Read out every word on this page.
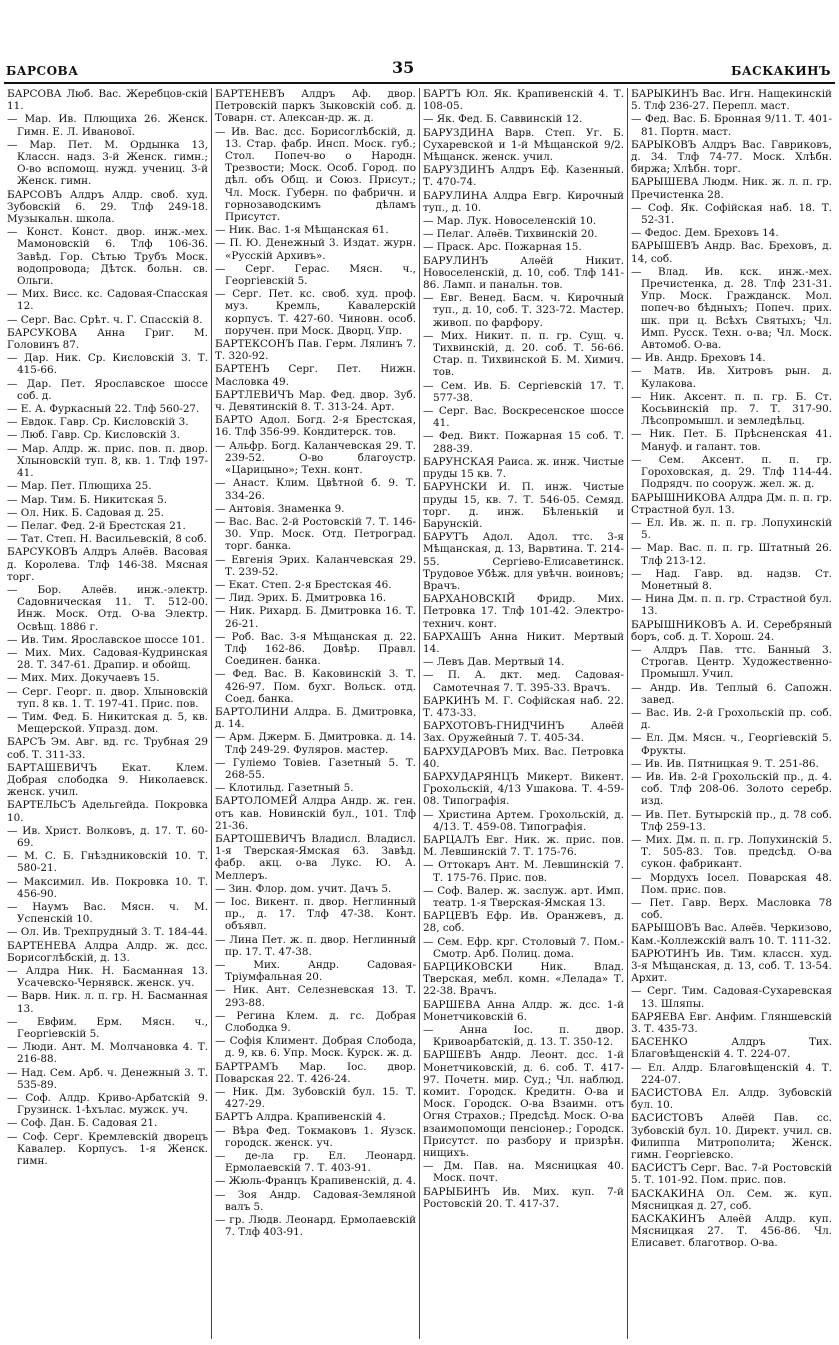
БАРСОВА	35	БАСКАКИНЪ
БАРСОВА Люб. Вас. Жеребцов-скій 11.
— Мар. Ив. Плющиха 26. Женск. Гимн. Е. Л. Иванової.
— Мар. Пет. М. Ордынка 13, Классн. надз. 3-й Женск. гимн.; О-во вспомощ. нужд. учениц. 3-й Женск. гимн.
БАРСОВЪ Алдръ Алдр. своб. худ. Зубовскій 6. 29. Тлф 249-18. Музыкальн. школа.
— Конст. Конст. двор. инж.-мех. Мамоновскій 6. Тлф 106-36. Завѣд. Гор. Сѣтью Трубъ Моск. водопровода; Дѣтск. больн. св. Ольги.
— Мих. Висс. кс. Садовая-Спасская 12.
— Серг. Вас. Срѣт. ч. Г. Спасскій 8.
БАРСУКОВА Анна Григ. М. Головинъ 87.
— Дар. Ник. Ср. Кисловскій 3. Т. 415-66.
— Дар. Пет. Ярославское шоссе соб. д.
— Е. А. Фуркасный 22. Тлф 560-27.
— Евдок. Гавр. Ср. Кисловскій 3.
— Люб. Гавр. Ср. Кисловскій 3.
— Мар. Алдр. ж. прис. пов. п. двор. Хлыновскій туп. 8, кв. 1. Тлф 197-41.
— Мар. Пет. Плющиха 25.
— Мар. Тим. Б. Никитская 5.
— Ол. Ник. Б. Садовая д. 25.
— Пелаг. Фед. 2-й Брестская 21.
— Тат. Степ. Н. Васильевскій, 8 соб.
БАРСУКОВЪ Алдръ Алѳёв. Васовая д. Королева. Тлф 146-38. Мясная торг.
— Бор. Алѳёв. инж.-электр. Садовническая 11. Т. 512-00. Инж. Моск. Отд. О-ва Электр. Освѣщ. 1886 г.
— Ив. Тим. Ярославское шоссе 101.
— Мих. Мих. Садовая-Кудринская 28. Т. 347-61. Драпир. и обойщ.
— Мих. Мих. Докучаевъ 15.
— Серг. Георг. п. двор. Хлыновскій туп. 8 кв. 1. Т. 197-41. Прис. пов.
— Тим. Фед. Б. Никитская д. 5, кв. Мещерской. Упразд. дом.
БАРСЪ Эм. Авг. вд. гс. Трубная 29 соб. Т. 311-33.
БАРТАШЕВИЧЪ Екат. Клем. Добрая слободка 9. Николаевск. женск. учил.
БАРТЕЛЬСЪ Адельгейда. Покровка 10.
— Ив. Христ. Волковъ, д. 17. Т. 60-69.
— М. С. Б. Гнѣздниковскій 10. Т. 580-21.
— Максимил. Ив. Покровка 10. Т. 456-90.
— Наумъ Вас. Мясн. ч. М. Успенскій 10.
— Ол. Ив. Трехпрудный 3. Т. 184-44.
БАРТЕНЕВА Алдра Алдр. ж. дсс. Борисоглѣбскій, д. 13.
— Алдра Ник. Н. Басманная 13. Усачевско-Чернявск. женск. уч.
— Варв. Ник. л. п. гр. Н. Басманная 13.
— Евфим. Ерм. Мясн. ч., Георгіевскій 5.
— Люди. Ант. М. Молчановка 4. Т. 216-88.
— Над. Сем. Арб. ч. Денежный 3. Т. 535-89.
— Соф. Алдр. Криво-Арбатскій 9. Грузинск. 1-ѣхълас. мужск. уч.
— Соф. Дан. Б. Садовая 21.
— Соф. Серг. Кремлевскій дворецъ Кавалер. Корпусъ. 1-я Женск. гимн.
БАРТЕНЕВЪ Алдръ Аф. двор. Петровскій паркъ Зыковскій соб. д. Товарн. ст. Алексан-др. ж. д.
— Ив. Вас. дсс. Борисоглѣбскій, д. 13. Стар. фабр. Инсп. Моск. губ.; Стол. Попеч-во о Народн. Трезвости; Моск. Особ. Город. по дѣл. объ Общ. и Союз. Присут.; Чл. Моск. Губерн. по фабричн. и горнозаводскимъ дѣламъ Присутст.
— Ник. Вас. 1-я Мѣщанская 61.
— П. Ю. Денежный 3. Издат. журн. «Русскій Архивъ».
— Серг. Герас. Мясн. ч., Георгіевскій 5.
— Серг. Пет. кс. своб. худ. проф. муз. Кремль, Кавалерскій корпусъ. Т. 427-60. Чиновн. особ. поручен. при Моск. Дворц. Упр.
БАРТЕКСОНЪ Пав. Герм. Лялинъ 7. Т. 320-92.
БАРТЕНЪ Серг. Пет. Нижн. Масловка 49.
БАРТЛЕВИЧЪ Мар. Фед. двор. Зуб. ч. Девятинскій 8. Т. 313-24. Арт.
БАРТО Адол. Богд. 2-я Брестская, 16. Тлф 356-99. Кондитерск. тов.
— Альфр. Богд. Каланчевская 29. Т. 239-52. О-во благоустр. «Царицыно»; Техн. конт.
— Анаст. Клим. Цвѣтной б. 9. Т. 334-26.
— Антовія. Знаменка 9.
— Вас. Вас. 2-й Ростовскій 7. Т. 146-30. Упр. Моск. Отд. Петроград. торг. банка.
— Евгенія Эрих. Каланчевская 29. Т. 239-52.
— Екат. Степ. 2-я Брестская 46.
— Лид. Эрих. Б. Дмитровка 16.
— Ник. Рихард. Б. Дмитровка 16. Т. 26-21.
— Роб. Вас. 3-я Мѣщанская д. 22. Тлф 162-86. Довѣр. Правл. Соединен. банка.
— Фед. Вас. В. Каковинскій 3. Т. 426-97. Пом. бухг. Вольск. отд. Соед. банка.
БАРТОЛИНИ Алдра. Б. Дмитровка, д. 14.
— Арм. Джерм. Б. Дмитровка. д. 14. Тлф 249-29. Фуляров. мастер.
— Гуліемо Товіев. Газетный 5. Т. 268-55.
— Клотильд. Газетный 5.
БАРТОЛОМЕЙ Алдра Андр. ж. ген. отъ кав. Новинскій бул., 101. Тлф 21-36.
БАРТОШЕВИЧЪ Владисл. Владисл. 1-я Тверская-Ямская 63. Завѣд. фабр. акц. о-ва Лукс. Ю. А. Меллеръ.
— Зин. Флор. дом. учит. Дачъ 5.
— Іос. Викент. п. двор. Неглинный пр., д. 17. Тлф 47-38. Конт. объявл.
— Лина Пет. ж. п. двор. Неглинный пр. 17. Т. 47-38.
— Мих. Андр. Садовая-Тріумфальная 20.
— Ник. Ант. Селезневская 13. Т. 293-88.
— Регина Клем. д. гс. Добрая Слободка 9.
— Софія Климент. Добрая Слобода, д. 9, кв. 6. Упр. Моск. Курск. ж. д.
БАРТРАМЪ Мар. Іос. двор. Поварская 22. Т. 426-24.
— Ник. Дм. Зубовскій бул. 15. Т. 427-29.
БАРТЪ Алдра. Крапивенскій 4.
— Вѣра Фед. Токмаковъ 1. Яузск. городск. женск. уч.
— де-ла гр. Ел. Леонард. Ермолаевскій 7. Т. 403-91.
— Жюль-Францъ Крапивенскій, д. 4.
— Зоя Андр. Садовая-Земляной валъ 5.
— гр. Людв. Леонард. Ермолаевскій 7. Тлф 403-91.
БАРТЪ Юл. Як. Крапивенскій 4. Т. 108-05.
— Як. Фед. Б. Саввинскій 12.
БАРУЗДИНА Варв. Степ. Уг. Б. Сухаревской и 1-й Мѣщанской 9/2. Мѣщанск. женск. учил.
БАРУЗДИНЪ Алдръ Еф. Казенный. Т. 470-74.
БАРУЛИНА Алдра Евгр. Кирочный туп., д. 10.
— Мар. Лук. Новоселенскій 10.
— Пелаг. Алѳёв. Тихвинскій 20.
— Праск. Арс. Пожарная 15.
БАРУЛИНЪ Алѳёй Никит. Новоселенскій, д. 10, соб. Тлф 141-86. Ламп. и панальн. тов.
— Евг. Венед. Басм. ч. Кирочный туп., д. 10, соб. Т. 323-72. Мастер. живоп. по фарфору.
— Мих. Никит. п. п. гр. Сущ. ч. Тихвинскій, д. 20. соб. Т. 56-66. Стар. п. Тихвинской Б. М. Химич. тов.
— Сем. Ив. Б. Сергіевскій 17. Т. 577-38.
— Серг. Вас. Воскресенское шоссе 41.
— Фед. Викт. Пожарная 15 соб. Т. 288-39.
БАРУНСКАЯ Раиса. ж. инж. Чистые пруды 15 кв. 7.
БАРУНСКИ И. П. инж. Чистые пруды 15, кв. 7. Т. 546-05. Семяд. торг. д. инж. Бѣленькій и Барунскій.
БАРУТЪ Адол. Адол. ттс. 3-я Мѣщанская, д. 13, Варвтина. Т. 214-55. Сергіево-Елисаветинск. Трудовое Убѣж. для увѣчн. воиновъ; Врачъ.
БАРХАНОВСКІЙ Фридр. Мих. Петровка 17. Тлф 101-42. Электро-технич. конт.
БАРХАШЪ Анна Никит. Мертвый 14.
— Левъ Дав. Мертвый 14.
— П. А. дкт. мед. Садовая-Самотечная 7. Т. 395-33. Врачъ.
БАРКИНЪ М. Г. Софійская наб. 22. Т. 473-33.
БАРХОТОВЪ-ГНИДЧИНЪ Алѳёй Зах. Оружейный 7. Т. 405-34.
БАРХУДАРОВЪ Мих. Вас. Петровка 40.
БАРХУДАРЯНЦЪ Микерт. Викент. Грохольскій, 4/13 Ушакова. Т. 4-59-08. Типографія.
— Христина Артем. Грохольскій, д. 4/13. Т. 459-08. Типографія.
БАРЦАЛЪ Евг. Ник. ж. прис. пов. М. Левшинскій 7. Т. 175-76.
— Оттокаръ Ант. М. Левшинскій 7. Т. 175-76. Прис. пов.
— Соф. Валер. ж. заслуж. арт. Имп. театр. 1-я Тверская-Ямская 13.
БАРЦЕВЪ Ефр. Ив. Оранжевъ, д. 28, соб.
— Сем. Ефр. крг. Столовый 7. Пом.-Смотр. Арб. Полиц. дома.
БАРЦИКОВСКИ Ник. Влад. Тверская, мебл. комн. «Лелада» Т. 22-38. Врачъ.
БАРШЕВА Анна Алдр. ж. дсс. 1-й Монетчиковскій 6.
— Анна Іос. п. двор. Кривоарбатскій, д. 13. Т. 350-12.
БАРШЕВЪ Андр. Леонт. дсс. 1-й Монетчиковскій, д. 6. соб. Т. 417-97. Почетн. мир. Суд.; Чл. наблюд. комит. Городск. Кредитн. О-ва и Моск. Городск. О-ва Взаимн. отъ Огня Страхов.; Предсѣд. Моск. О-ва взаимопомощи пенсіонер.; Городск. Присутст. по разбору и призрѣн. нищихъ.
— Дм. Пав. на. Мясницкая 40. Моск. почт.
БАРЫБИНЪ Ив. Мих. куп. 7-й Ростовскій 20. Т. 417-37.
БАРЫКИНЪ Вас. Игн. Нащекинскій 5. Тлф 236-27. Перепл. маст.
— Фед. Вас. Б. Бронная 9/11. Т. 401-81. Портн. маст.
БАРЫКОВЪ Алдръ Вас. Гавриковъ, д. 34. Тлф 74-77. Моск. Хлѣбн. биржа; Хлѣбн. торг.
БАРЫШЕВА Людм. Ник. ж. л. п. гр. Пречистенка 28.
— Соф. Як. Софійская наб. 18. Т. 52-31.
— Федос. Дем. Бреховъ 14.
БАРЫШЕВЪ Андр. Вас. Бреховъ, д. 14, соб.
— Влад. Ив. кск. инж.-мех. Пречистенка, д. 28. Тлф 231-31. Упр. Моск. Гражданск. Мол. попеч-во бѣдныхъ; Попеч. прих. шк. при ц. Всѣхъ Святыхъ; Чл. Имп. Русск. Техн. о-ва; Чл. Моск. Автомоб. О-ва.
— Ив. Андр. Бреховъ 14.
— Матв. Ив. Хитровъ рын. д. Кулакова.
— Ник. Аксент. п. п. гр. Б. Ст. Косьвинскій пр. 7. Т. 317-90. Лѣсопромышл. и земледѣльц.
— Ник. Пет. Б. Прѣсненская 41. Мануф. и галант. тов.
— Сем. Аксент. п. п. гр. Гороховская, д. 29. Тлф 114-44. Подрядч. по сооруж. жел. ж. д.
БАРЫШНИКОВА Алдра Дм. п. п. гр. Страстной бул. 13.
— Ел. Ив. ж. п. п. гр. Лопухинскій 5.
— Мар. Вас. п. п. гр. Штатный 26. Тлф 213-12.
— Над. Гавр. вд. надзв. Ст. Монетный 8.
— Нина Дм. п. п. гр. Страстной бул. 13.
БАРЫШНИКОВЪ А. И. Серебряный боръ, соб. д. Т. Хорош. 24.
— Алдръ Пав. ттс. Банный 3. Строгав. Центр. Художественно-Промышл. Учил.
— Андр. Ив. Теплый 6. Сапожн. завед.
— Вас. Ив. 2-й Грохольскій пр. соб. д.
— Ел. Дм. Мясн. ч., Георгіевскій 5. Фрукты.
— Ив. Ив. Пятницкая 9. Т. 251-86.
— Ив. Ив. 2-й Грохольскій пр., д. 4. соб. Тлф 208-06. Золото серебр. изд.
— Ив. Пет. Бутырскій пр., д. 78 соб. Тлф 259-13.
— Мих. Дм. п. п. гр. Лопухинскій 5. Т. 505-83. Тов. предсѣд. О-ва сукон. фабрикант.
— Мордухъ Іосел. Поварская 48. Пом. прис. пов.
— Пет. Гавр. Верх. Масловка 78 соб.
БАРЫШОВЪ Вас. Алѳёв. Черкизово, Кам.-Коллежскій валъ 10. Т. 111-32.
БАРЮТИНЪ Ив. Тим. классн. худ. 3-я Мѣщанская, д. 13, соб. Т. 13-54. Архит.
— Серг. Тим. Садовая-Сухаревская 13. Шляпы.
БАРЯЕВА Евг. Анфим. Гляншевскій 3. Т. 435-73.
БАСЕНКО Алдръ Тих. Благовѣщенскій 4. Т. 224-07.
— Ел. Алдр. Благовѣщенскій 4. Т. 224-07.
БАСИСТОВА Ел. Алдр. Зубовскій бул. 10.
БАСИСТОВЪ Алѳёй Пав. сс. Зубовскій бул. 10. Директ. учил. св. Филиппа Митрополита; Женск. гимн. Георгіевско.
БАСИСТЪ Серг. Вас. 7-й Ростовскій 5. Т. 101-92. Пом. прис. пов.
БАСКАКИНА Ол. Сем. ж. куп. Мясницкая д. 27, соб.
БАСКАКИНЪ Алѳёй Алдр. куп. Мясницкая 27. Т. 456-86. Чл. Елисавет. благотвор. О-ва.
